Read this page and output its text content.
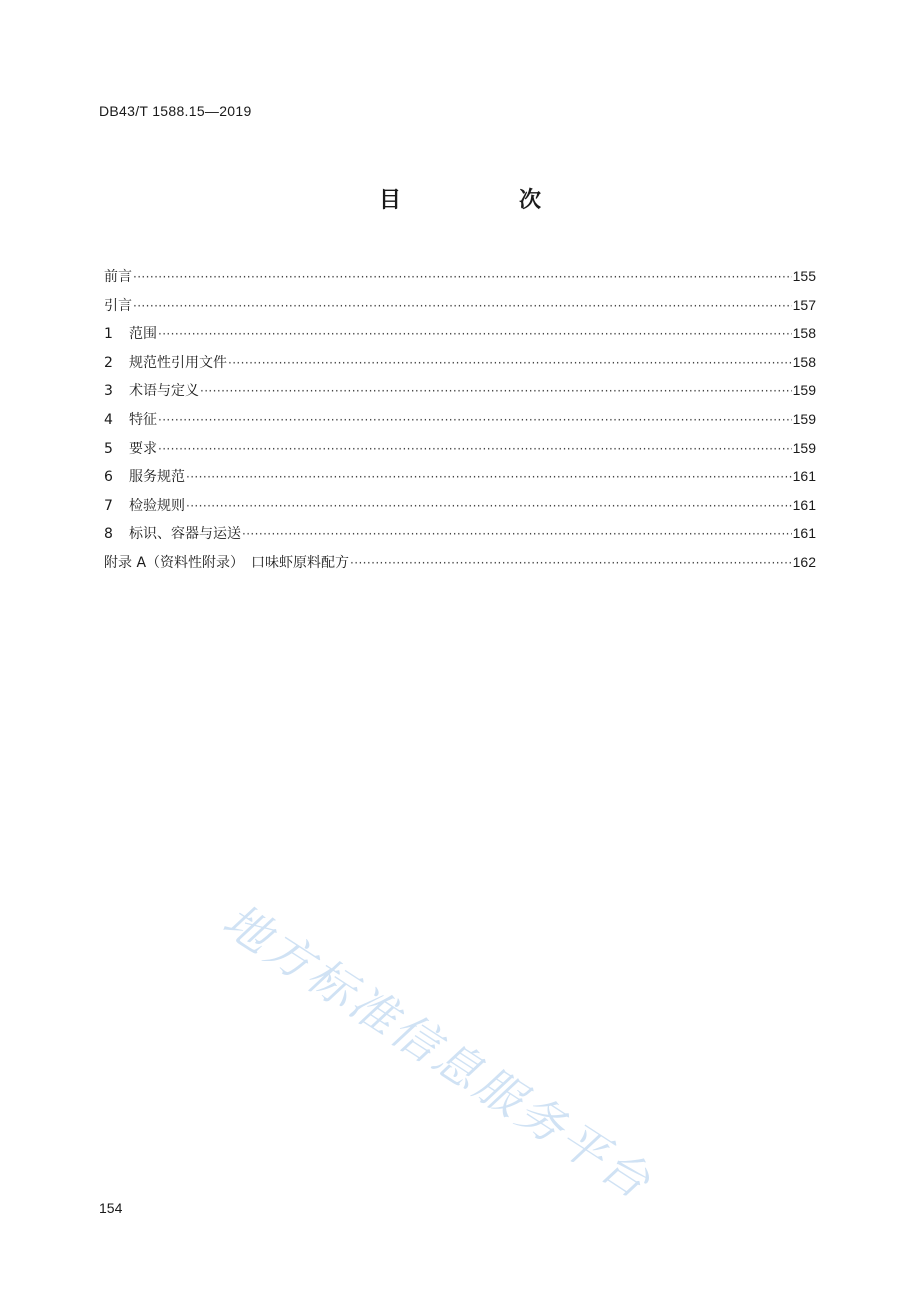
DB43/T 1588.15—2019
目　次
前言 ·····	155
引言 ·····	157
1	范围 ·····	158
2	规范性引用文件 ·····	158
3	术语与定义 ·····	159
4	特征 ·····	159
5	要求 ·····	159
6	服务规范 ·····	161
7	检验规则 ·····	161
8	标识、容器与运送 ·····	161
附录 A（资料性附录）　口味虾原料配方 ·····	162
地方标准信息服务平台
154
